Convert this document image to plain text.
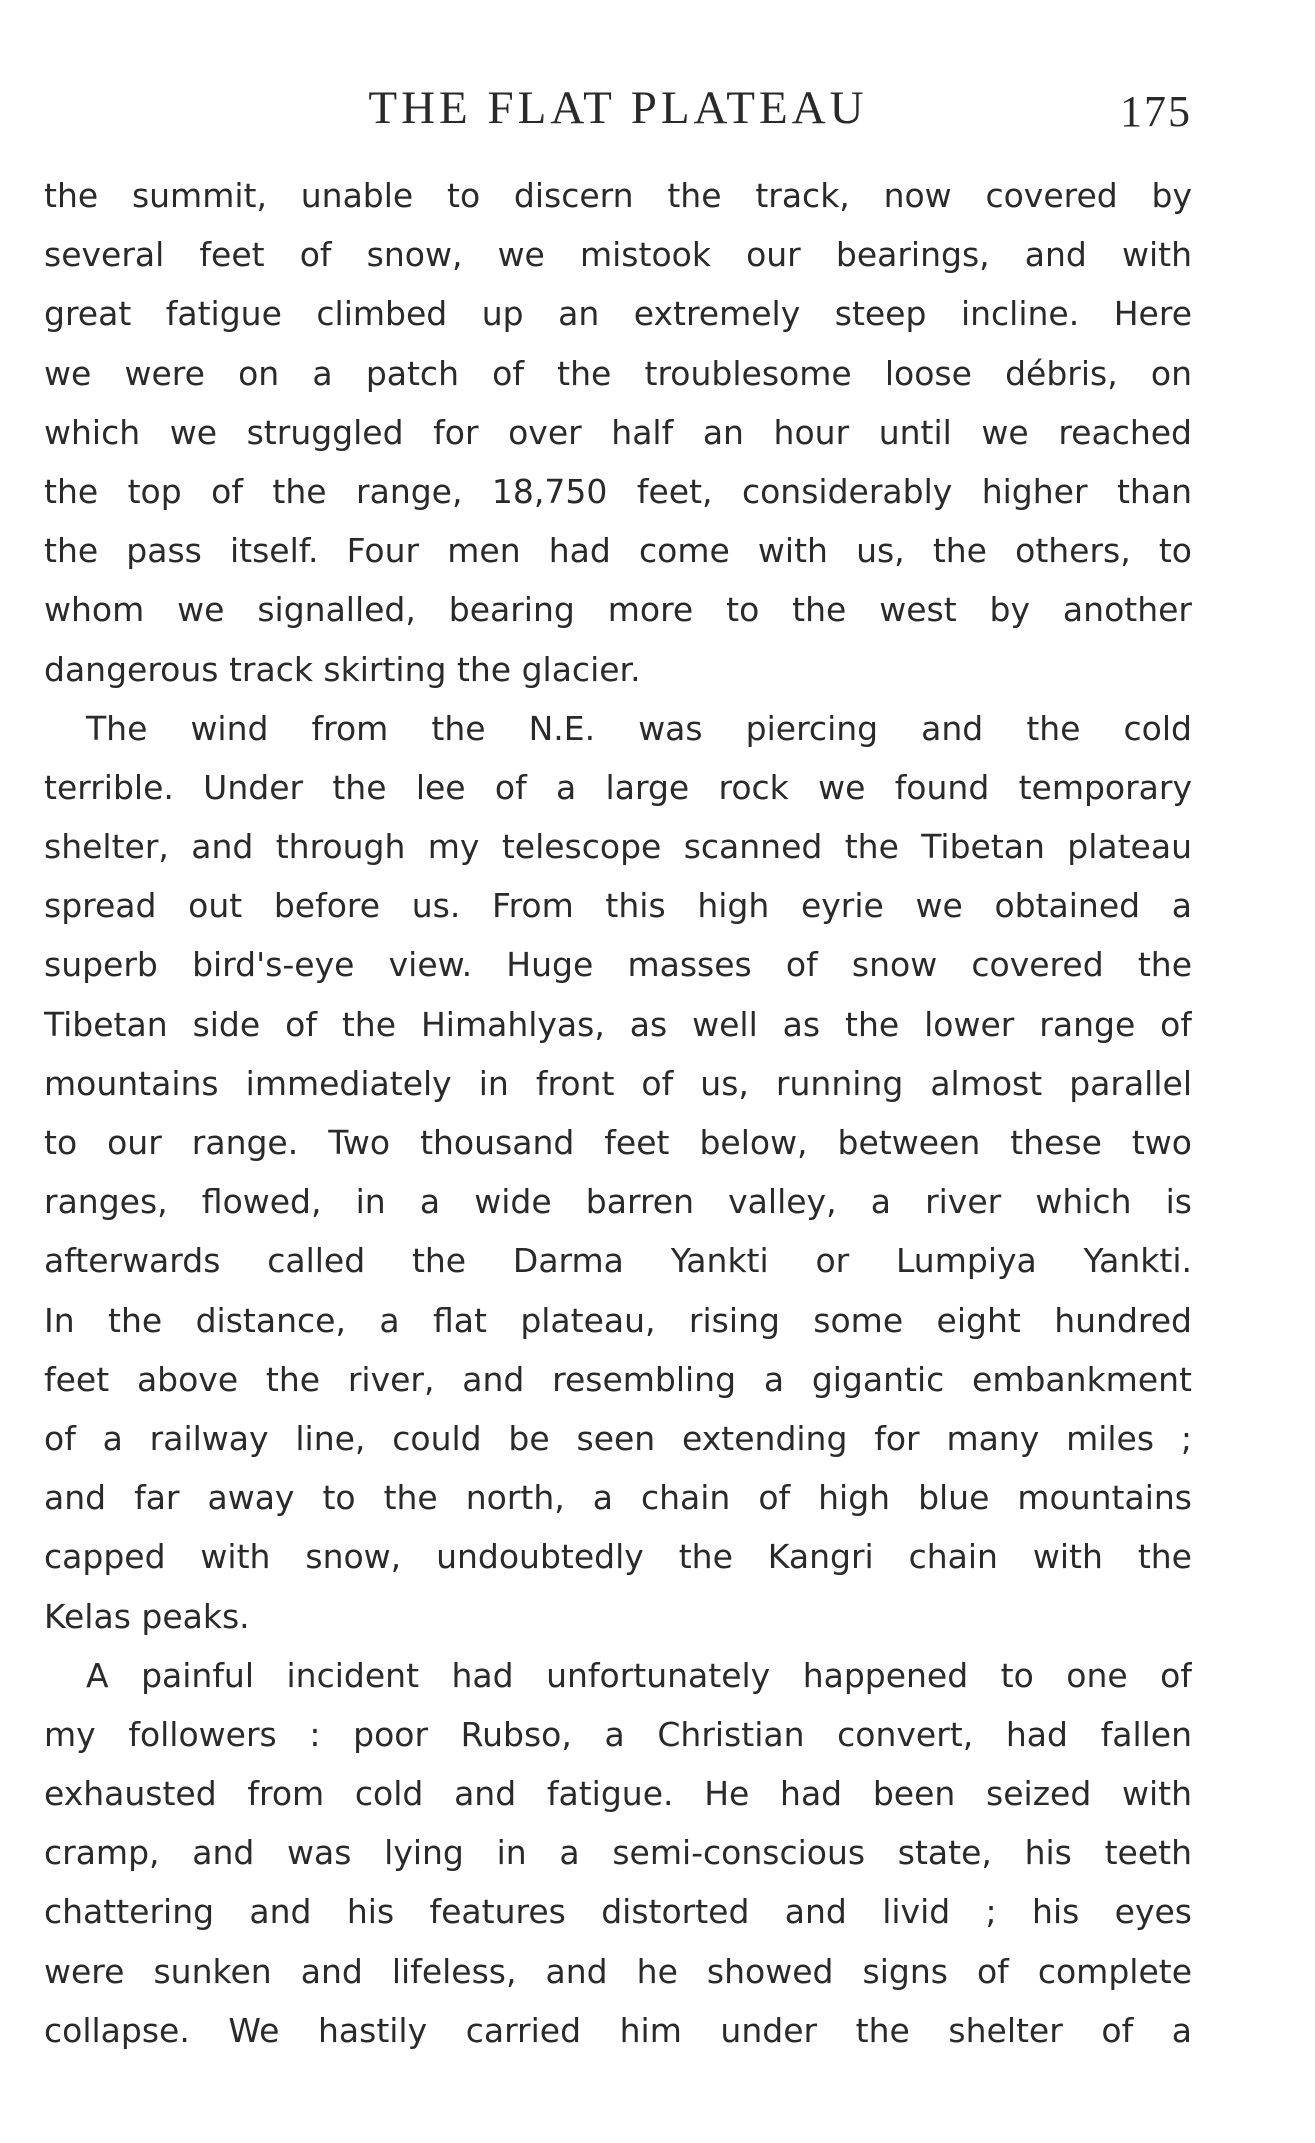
THE FLAT PLATEAU	175
the summit, unable to discern the track, now covered by
several feet of snow, we mistook our bearings, and with
great fatigue climbed up an extremely steep incline. Here
we were on a patch of the troublesome loose débris, on
which we struggled for over half an hour until we reached
the top of the range, 18,750 feet, considerably higher than
the pass itself. Four men had come with us, the others, to
whom we signalled, bearing more to the west by another
dangerous track skirting the glacier.
The wind from the N.E. was piercing and the cold
terrible. Under the lee of a large rock we found temporary
shelter, and through my telescope scanned the Tibetan plateau
spread out before us. From this high eyrie we obtained a
superb bird's-eye view. Huge masses of snow covered the
Tibetan side of the Himahlyas, as well as the lower range of
mountains immediately in front of us, running almost parallel
to our range. Two thousand feet below, between these two
ranges, flowed, in a wide barren valley, a river which is
afterwards called the Darma Yankti or Lumpiya Yankti.
In the distance, a flat plateau, rising some eight hundred
feet above the river, and resembling a gigantic embankment
of a railway line, could be seen extending for many miles ;
and far away to the north, a chain of high blue mountains
capped with snow, undoubtedly the Kangri chain with the
Kelas peaks.
A painful incident had unfortunately happened to one of
my followers : poor Rubso, a Christian convert, had fallen
exhausted from cold and fatigue. He had been seized with
cramp, and was lying in a semi-conscious state, his teeth
chattering and his features distorted and livid ; his eyes
were sunken and lifeless, and he showed signs of complete
collapse. We hastily carried him under the shelter of a
